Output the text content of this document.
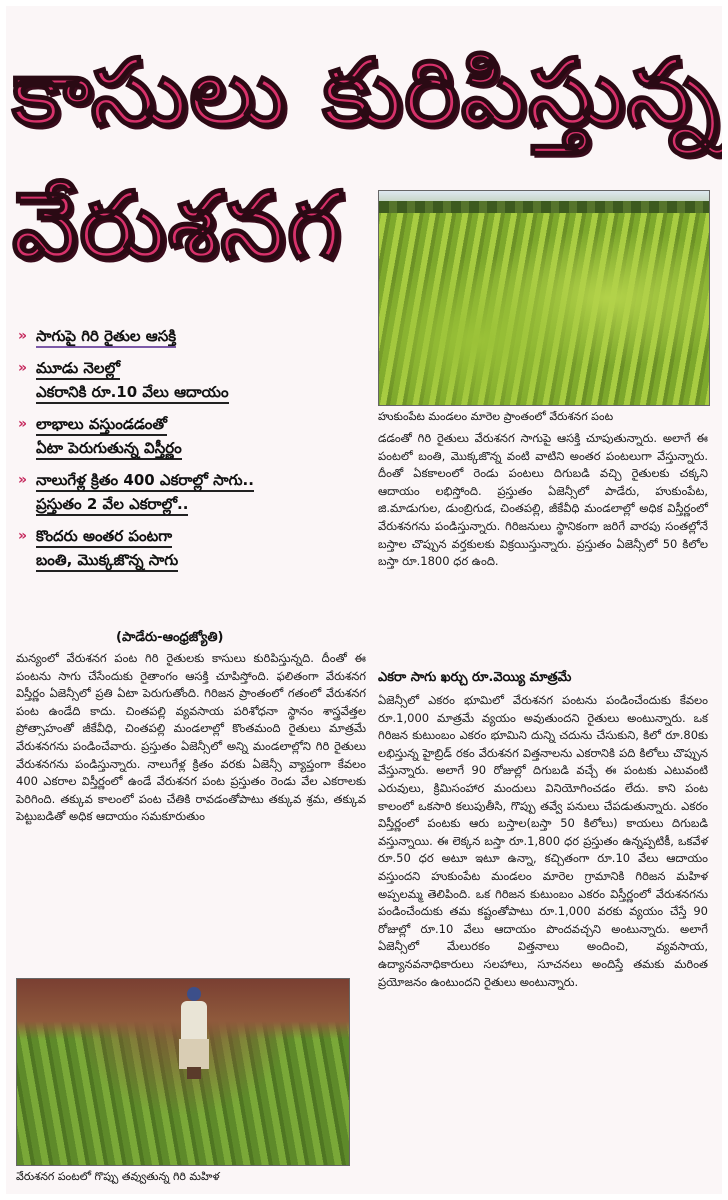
కాసులు కురిపిస్తున్న
వేరుశనగ
హుకుంపేట మండలం మారెల ప్రాంతంలో వేరుశనగ పంట
» సాగుపై గిరి రైతుల ఆసక్తి
» మూడు నెలల్లో
ఎకరానికి రూ.10 వేలు ఆదాయం
» లాభాలు వస్తుండడంతో
ఏటా పెరుగుతున్న విస్తీర్ణం
» నాలుగేళ్ల క్రితం 400 ఎకరాల్లో సాగు..
ప్రస్తుతం 2 వేల ఎకరాల్లో..
» కొందరు అంతర పంటగా
బంతి, మొక్కజొన్న సాగు
(పాడేరు-ఆంధ్రజ్యోతి)
మన్యంలో వేరుశనగ పంట గిరి రైతులకు కాసులు కురిపిస్తున్నది. దీంతో ఈ పంటను సాగు చేసేందుకు రైతాంగం ఆసక్తి చూపిస్తోంది. ఫలితంగా వేరుశనగ విస్తీర్ణం ఏజెన్సీలో ప్రతి ఏటా పెరుగుతోంది. గిరిజన ప్రాంతంలో గతంలో వేరుశనగ పంట ఉండేది కాదు. చింతపల్లి వ్యవసాయ పరిశోధనా స్థానం శాస్త్రవేత్తల ప్రోత్సాహంతో జీకేవీధి, చింతపల్లి మండలాల్లో కొంతమంది రైతులు మాత్రమే వేరుశనగను పండించేవారు. ప్రస్తుతం ఏజెన్సీలో అన్ని మండలాల్లోని గిరి రైతులు వేరుశనగను పండిస్తున్నారు. నాలుగేళ్ల క్రితం వరకు ఏజెన్సీ వ్యాప్తంగా కేవలం 400 ఎకరాల విస్తీర్ణంలో ఉండే వేరుశనగ పంట ప్రస్తుతం రెండు వేల ఎకరాలకు పెరిగింది. తక్కువ కాలంలో పంట చేతికి రావడంతోపాటు తక్కువ శ్రమ, తక్కువ పెట్టుబడితో అధిక ఆదాయం సమకూరుతుం
డడంతో గిరి రైతులు వేరుశనగ సాగుపై ఆసక్తి చూపుతున్నారు. అలాగే ఈ పంటలో బంతి, మొక్కజొన్న వంటి వాటిని అంతర పంటలుగా వేస్తున్నారు. దీంతో ఏకకాలంలో రెండు పంటలు దిగుబడి వచ్చి రైతులకు చక్కని ఆదాయం లభిస్తోంది. ప్రస్తుతం ఏజెన్సీలో పాడేరు, హుకుంపేట, జి.మాడుగుల, డుంబ్రిగుడ, చింతపల్లి, జీకేవీధి మండలాల్లో అధిక విస్తీర్ణంలో వేరుశనగను పండిస్తున్నారు. గిరిజనులు స్థానికంగా జరిగే వారపు సంతల్లోనే బస్తాల చొప్పున వర్తకులకు విక్రయిస్తున్నారు. ప్రస్తుతం ఏజెన్సీలో 50 కిలోల బస్తా రూ.1800 ధర ఉంది.
ఎకరా సాగు ఖర్చు రూ.వెయ్యి మాత్రమే
ఏజెన్సీలో ఎకరం భూమిలో వేరుశనగ పంటను పండించేందుకు కేవలం రూ.1,000 మాత్రమే వ్యయం అవుతుందని రైతులు అంటున్నారు. ఒక గిరిజన కుటుంబం ఎకరం భూమిని దున్ని చదును చేసుకుని, కిలో రూ.80కు లభిస్తున్న హైబ్రిడ్ రకం వేరుశనగ విత్తనాలను ఎకరానికి పది కిలోలు చొప్పున వేస్తున్నారు. అలాగే 90 రోజుల్లో దిగుబడి వచ్చే ఈ పంటకు ఎటువంటి ఎరువులు, క్రిమిసంహార మందులు వినియోగించడం లేదు. కాని పంట కాలంలో ఒకసారి కలుపుతీసి, గొప్పు తవ్వే పనులు చేపడుతున్నారు. ఎకరం విస్తీర్ణంలో పంటకు ఆరు బస్తాల(బస్తా 50 కిలోలు) కాయలు దిగుబడి వస్తున్నాయి. ఈ లెక్కన బస్తా రూ.1,800 ధర ప్రస్తుతం ఉన్నప్పటికీ, ఒకవేళ రూ.50 ధర అటూ ఇటూ ఉన్నా, కచ్చితంగా రూ.10 వేలు ఆదాయం వస్తుందని హుకుంపేట మండలం మారెల గ్రామానికి గిరిజన మహిళ అప్పలమ్మ తెలిపింది. ఒక గిరిజన కుటుంబం ఎకరం విస్తీర్ణంలో వేరుశనగను పండించేందుకు తమ కష్టంతోపాటు రూ.1,000 వరకు వ్యయం చేస్తే 90 రోజుల్లో రూ.10 వేలు ఆదాయం పొందవచ్చని అంటున్నారు. అలాగే ఏజెన్సీలో మేలురకం విత్తనాలు అందించి, వ్యవసాయ, ఉద్యానవనాధికారులు సలహాలు, సూచనలు అందిస్తే తమకు మరింత ప్రయోజనం ఉంటుందని రైతులు అంటున్నారు.
వేరుశనగ పంటలో గొప్పు తవ్వుతున్న గిరి మహిళ
